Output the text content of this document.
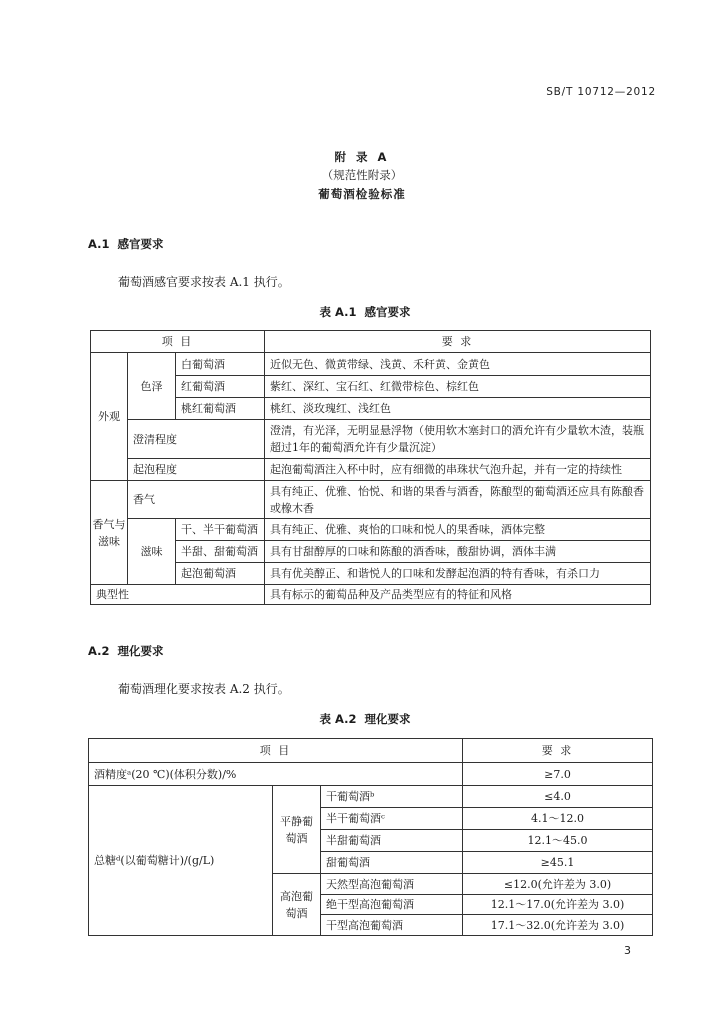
SB/T 10712—2012
附 录 A
（规范性附录）
葡萄酒检验标准
A.1  感官要求
葡萄酒感官要求按表 A.1 执行。
表 A.1  感官要求
项 目			要 求

外观	色泽	白葡萄酒	近似无色、微黄带绿、浅黄、禾秆黄、金黄色
		红葡萄酒	紫红、深红、宝石红、红微带棕色、棕红色
		桃红葡萄酒	桃红、淡玫瑰红、浅红色
	澄清程度		澄清，有光泽，无明显悬浮物（使用软木塞封口的酒允许有少量软木渣，装瓶超过1年的葡萄酒允许有少量沉淀）
	起泡程度		起泡葡萄酒注入杯中时，应有细微的串珠状气泡升起，并有一定的持续性

香气与滋味	香气		具有纯正、优雅、怡悦、和谐的果香与酒香，陈酿型的葡萄酒还应具有陈酿香或橡木香
	滋味	干、半干葡萄酒	具有纯正、优雅、爽怡的口味和悦人的果香味，酒体完整
		半甜、甜葡萄酒	具有甘甜醇厚的口味和陈酿的酒香味，酸甜协调，酒体丰满
		起泡葡萄酒	具有优美醇正、和谐悦人的口味和发酵起泡酒的特有香味，有杀口力
典型性			具有标示的葡萄品种及产品类型应有的特征和风格
A.2  理化要求
葡萄酒理化要求按表 A.2 执行。
表 A.2  理化要求
项 目			要 求
酒精度ᵃ(20 ℃)(体积分数)/%			≥7.0
总糖ᵈ(以葡萄糖计)/(g/L)	平静葡萄酒	干葡萄酒ᵇ	≤4.0
		半干葡萄酒ᶜ	4.1～12.0
		半甜葡萄酒	12.1～45.0
		甜葡萄酒	≥45.1
	高泡葡萄酒	天然型高泡葡萄酒	≤12.0(允许差为 3.0)
		绝干型高泡葡萄酒	12.1～17.0(允许差为 3.0)
		干型高泡葡萄酒	17.1～32.0(允许差为 3.0)
3
